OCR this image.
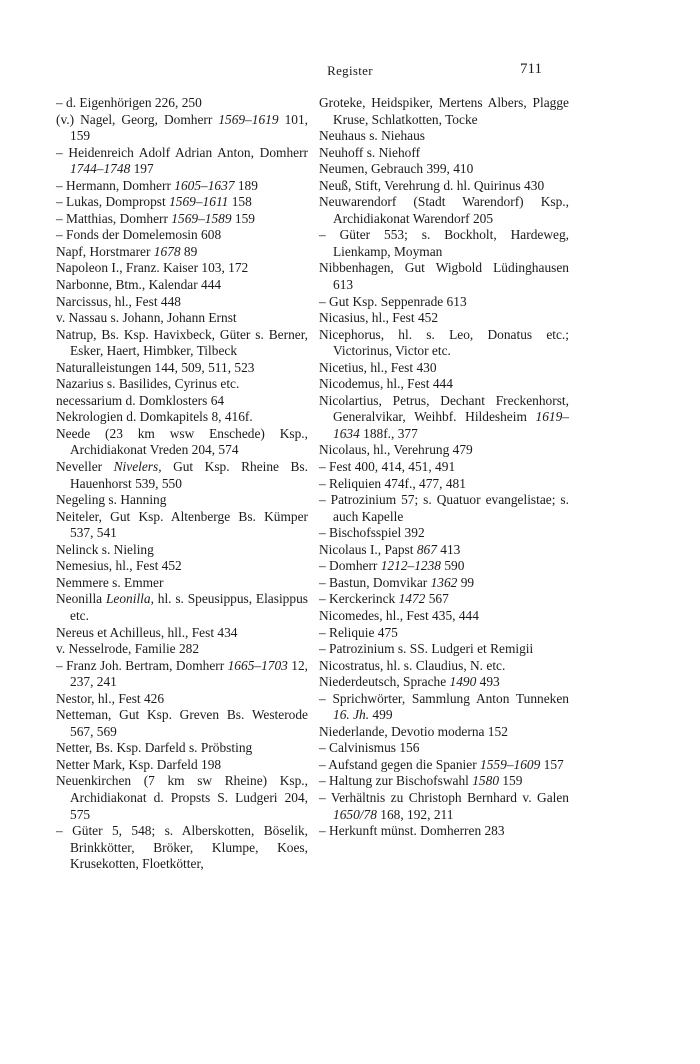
Register	711
– d. Eigenhörigen 226, 250
(v.) Nagel, Georg, Domherr 1569–1619 101, 159
– Heidenreich Adolf Adrian Anton, Domherr 1744–1748 197
– Hermann, Domherr 1605–1637 189
– Lukas, Dompropst 1569–1611 158
– Matthias, Domherr 1569–1589 159
– Fonds der Domelemosin 608
Napf, Horstmarer 1678 89
Napoleon I., Franz. Kaiser 103, 172
Narbonne, Btm., Kalendar 444
Narcissus, hl., Fest 448
v. Nassau s. Johann, Johann Ernst
Natrup, Bs. Ksp. Havixbeck, Güter s. Berner, Esker, Haert, Himbker, Tilbeck
Naturalleistungen 144, 509, 511, 523
Nazarius s. Basilides, Cyrinus etc.
necessarium d. Domklosters 64
Nekrologien d. Domkapitels 8, 416f.
Neede (23 km wsw Enschede) Ksp., Archidiakonat Vreden 204, 574
Neveller Nivelers, Gut Ksp. Rheine Bs. Hauenhorst 539, 550
Negeling s. Hanning
Neiteler, Gut Ksp. Altenberge Bs. Kümper 537, 541
Nelinck s. Nieling
Nemesius, hl., Fest 452
Nemmere s. Emmer
Neonilla Leonilla, hl. s. Speusippus, Elasippus etc.
Nereus et Achilleus, hll., Fest 434
v. Nesselrode, Familie 282
– Franz Joh. Bertram, Domherr 1665–1703 12, 237, 241
Nestor, hl., Fest 426
Netteman, Gut Ksp. Greven Bs. Westerode 567, 569
Netter, Bs. Ksp. Darfeld s. Pröbsting
Netter Mark, Ksp. Darfeld 198
Neuenkirchen (7 km sw Rheine) Ksp., Archidiakonat d. Propsts S. Ludgeri 204, 575
– Güter 5, 548; s. Alberskotten, Böselik, Brinkkötter, Bröker, Klumpe, Koes, Krusekotten, Floetkötter,
Groteke, Heidspiker, Mertens Albers, Plagge Kruse, Schlatkotten, Tocke
Neuhaus s. Niehaus
Neuhoff s. Niehoff
Neumen, Gebrauch 399, 410
Neuß, Stift, Verehrung d. hl. Quirinus 430
Neuwarendorf (Stadt Warendorf) Ksp., Archidiakonat Warendorf 205
– Güter 553; s. Bockholt, Hardeweg, Lienkamp, Moyman
Nibbenhagen, Gut Wigbold Lüdinghausen 613
– Gut Ksp. Seppenrade 613
Nicasius, hl., Fest 452
Nicephorus, hl. s. Leo, Donatus etc.; Victorinus, Victor etc.
Nicetius, hl., Fest 430
Nicodemus, hl., Fest 444
Nicolartius, Petrus, Dechant Freckenhorst, Generalvikar, Weihbf. Hildesheim 1619–1634 188f., 377
Nicolaus, hl., Verehrung 479
– Fest 400, 414, 451, 491
– Reliquien 474f., 477, 481
– Patrozinium 57; s. Quatuor evangelistae; s. auch Kapelle
– Bischofsspiel 392
Nicolaus I., Papst 867 413
– Domherr 1212–1238 590
– Bastun, Domvikar 1362 99
– Kerckerinck 1472 567
Nicomedes, hl., Fest 435, 444
– Reliquie 475
– Patrozinium s. SS. Ludgeri et Remigii
Nicostratus, hl. s. Claudius, N. etc.
Niederdeutsch, Sprache 1490 493
– Sprichwörter, Sammlung Anton Tunneken 16. Jh. 499
Niederlande, Devotio moderna 152
– Calvinismus 156
– Aufstand gegen die Spanier 1559–1609 157
– Haltung zur Bischofswahl 1580 159
– Verhältnis zu Christoph Bernhard v. Galen 1650/78 168, 192, 211
– Herkunft münst. Domherren 283
